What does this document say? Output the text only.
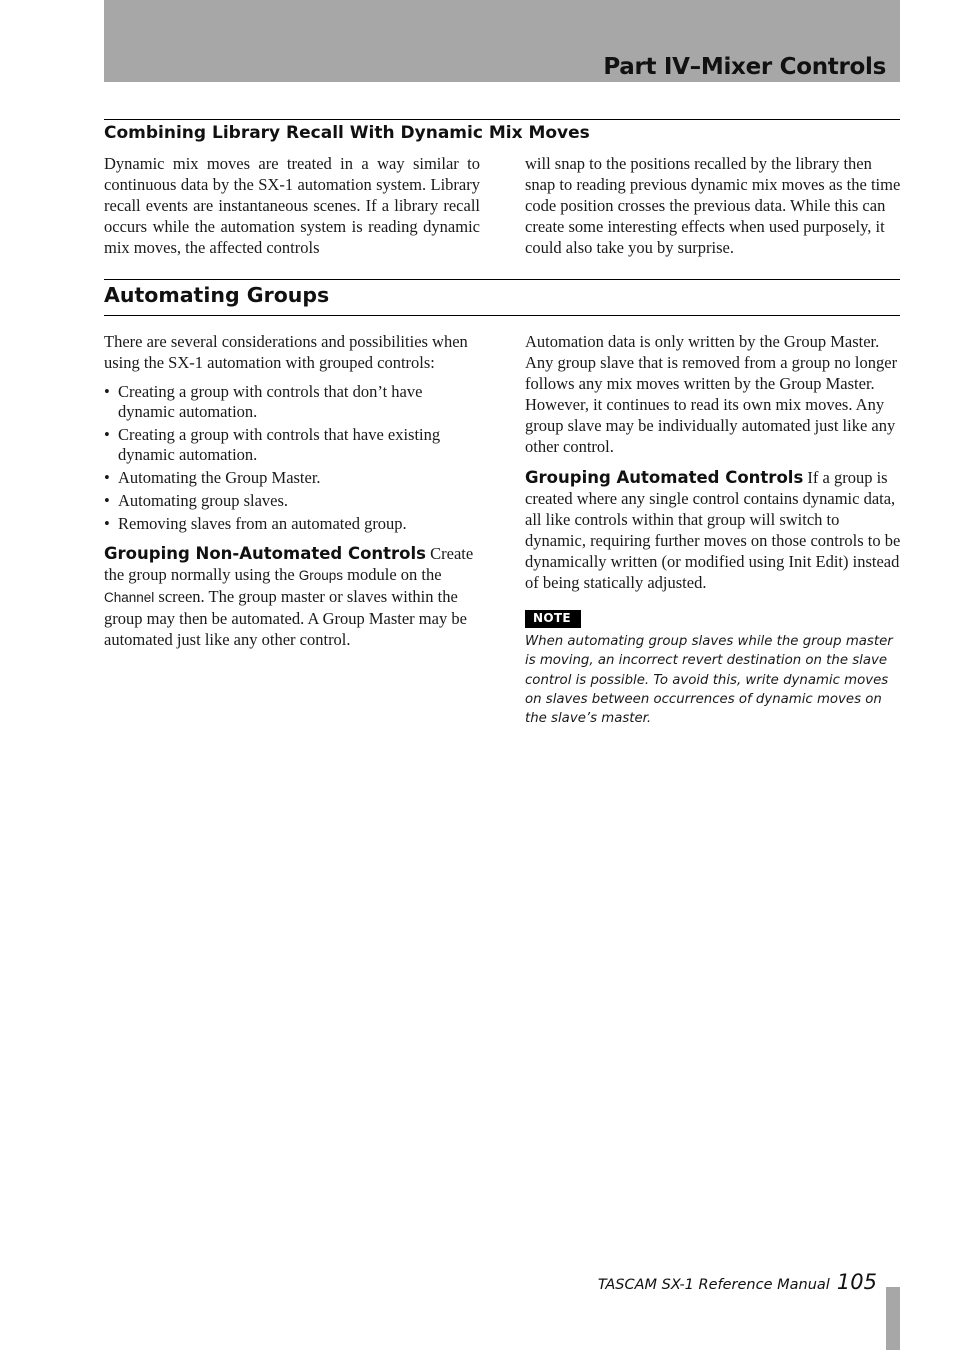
Part IV–Mixer Controls
Combining Library Recall With Dynamic Mix Moves

Dynamic mix moves are treated in a way similar to continuous data by the SX-1 automation system. Library recall events are instantaneous scenes. If a library recall occurs while the automation system is reading dynamic mix moves, the affected controls

will snap to the positions recalled by the library then snap to reading previous dynamic mix moves as the time code position crosses the previous data. While this can create some interesting effects when used purposely, it could also take you by surprise.

Automating Groups

There are several considerations and possibilities when using the SX-1 automation with grouped controls:

• Creating a group with controls that don’t have dynamic automation.
• Creating a group with controls that have existing dynamic automation.
• Automating the Group Master.
• Automating group slaves.
• Removing slaves from an automated group.

Grouping Non-Automated Controls Create the group normally using the Groups module on the Channel screen. The group master or slaves within the group may then be automated. A Group Master may be automated just like any other control.

Automation data is only written by the Group Master. Any group slave that is removed from a group no longer follows any mix moves written by the Group Master. However, it continues to read its own mix moves. Any group slave may be individually automated just like any other control.

Grouping Automated Controls If a group is created where any single control contains dynamic data, all like controls within that group will switch to dynamic, requiring further moves on those controls to be dynamically written (or modified using Init Edit) instead of being statically adjusted.

NOTE
When automating group slaves while the group master is moving, an incorrect revert destination on the slave control is possible. To avoid this, write dynamic moves on slaves between occurrences of dynamic moves on the slave’s master.
TASCAM SX-1 Reference Manual 105
